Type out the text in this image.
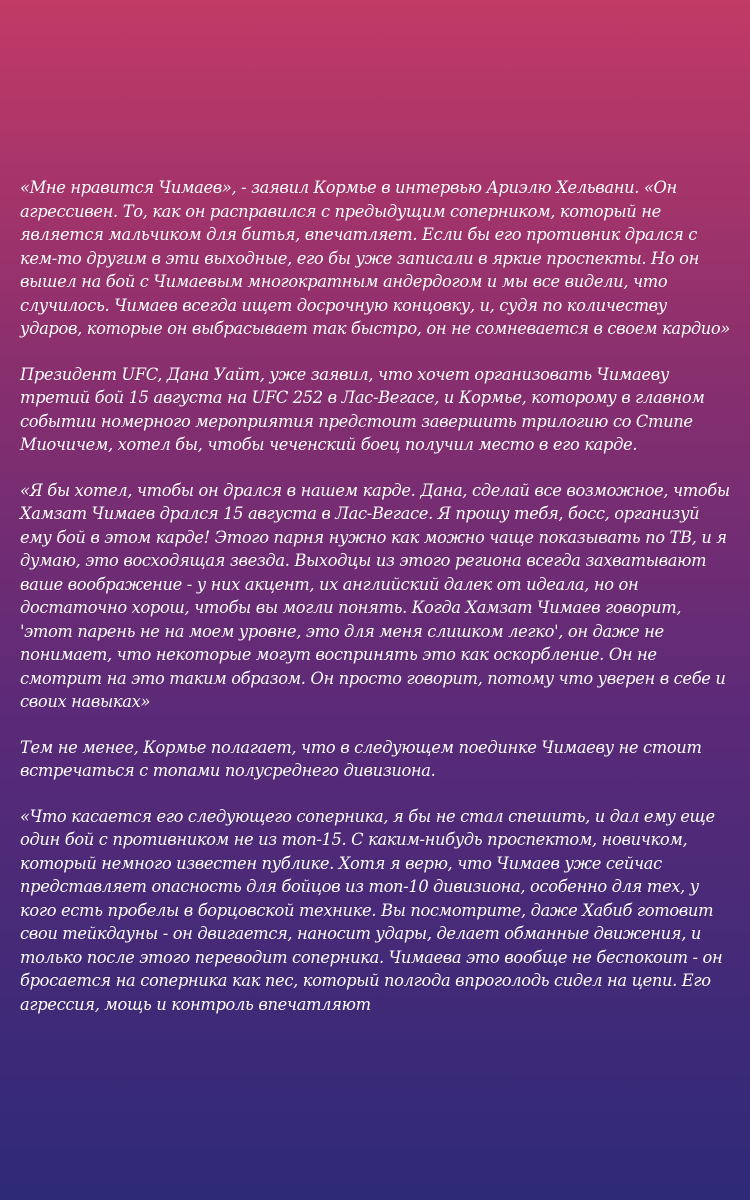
«Мне нравится Чимаев», - заявил Кормье в интервью Ариэлю Хельвани. «Он агрессивен. То, как он расправился с предыдущим соперником, который не является мальчиком для битья, впечатляет. Если бы его противник дрался с кем-то другим в эти выходные, его бы уже записали в яркие проспекты. Но он вышел на бой с Чимаевым многократным андердогом и мы все видели, что случилось. Чимаев всегда ищет досрочную концовку, и, судя по количеству ударов, которые он выбрасывает так быстро, он не сомневается в своем кардио»

Президент UFC, Дана Уайт, уже заявил, что хочет организовать Чимаеву третий бой 15 августа на UFC 252 в Лас-Вегасе, и Кормье, которому в главном событии номерного мероприятия предстоит завершить трилогию со Стипе Миочичем, хотел бы, чтобы чеченский боец получил место в его карде.

«Я бы хотел, чтобы он дрался в нашем карде. Дана, сделай все возможное, чтобы Хамзат Чимаев дрался 15 августа в Лас-Вегасе. Я прошу тебя, босс, организуй ему бой в этом карде! Этого парня нужно как можно чаще показывать по ТВ, и я думаю, это восходящая звезда. Выходцы из этого региона всегда захватывают ваше воображение - у них акцент, их английский далек от идеала, но он достаточно хорош, чтобы вы могли понять. Когда Хамзат Чимаев говорит, 'этот парень не на моем уровне, это для меня слишком легко', он даже не понимает, что некоторые могут воспринять это как оскорбление. Он не смотрит на это таким образом. Он просто говорит, потому что уверен в себе и своих навыках»

Тем не менее, Кормье полагает, что в следующем поединке Чимаеву не стоит встречаться с топами полусреднего дивизиона.

«Что касается его следующего соперника, я бы не стал спешить, и дал ему еще один бой с противником не из топ-15. С каким-нибудь проспектом, новичком, который немного известен публике. Хотя я верю, что Чимаев уже сейчас представляет опасность для бойцов из топ-10 дивизиона, особенно для тех, у кого есть пробелы в борцовской технике. Вы посмотрите, даже Хабиб готовит свои тейкдауны - он двигается, наносит удары, делает обманные движения, и только после этого переводит соперника. Чимаева это вообще не беспокоит - он бросается на соперника как пес, который полгода впроголодь сидел на цепи. Его агрессия, мощь и контроль впечатляют
